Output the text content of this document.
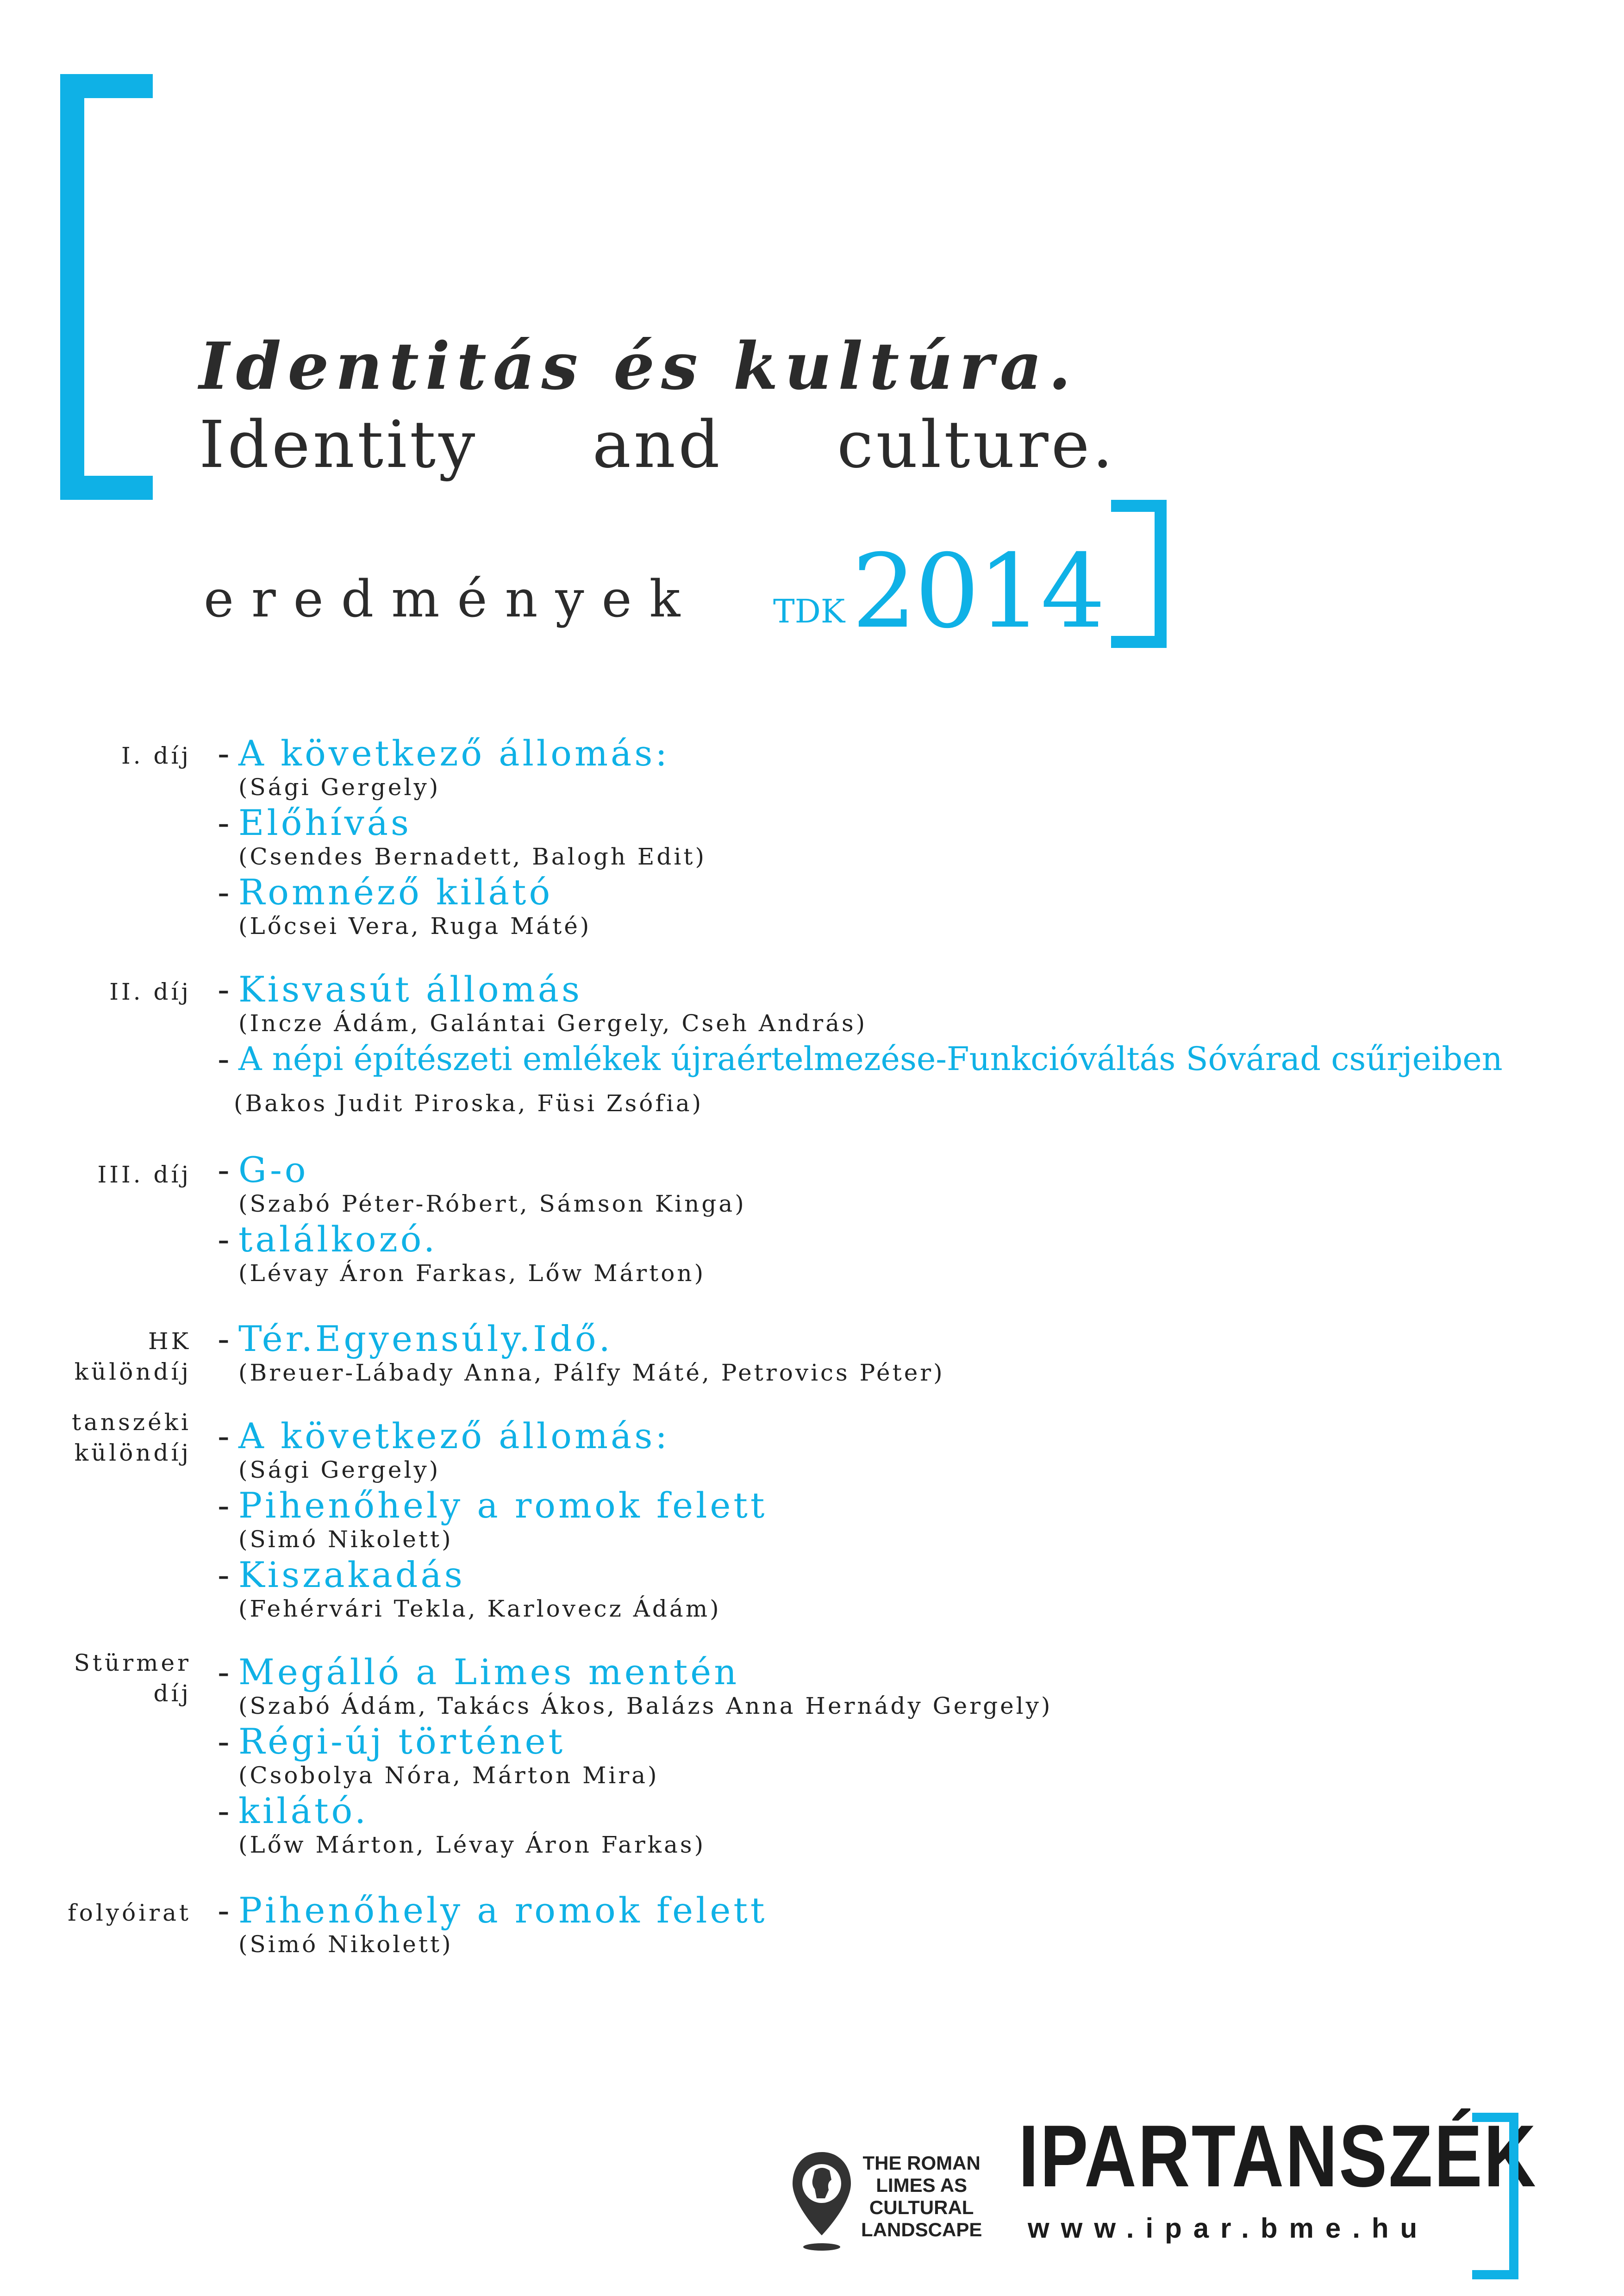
Identitás és kultúra.
Identity and culture.
eredmények TDK 2014
I. díj
II. díj
III. díj
HK különdíj
tanszéki különdíj
Stürmer díj
folyóirat
- A következő állomás:
(Sági Gergely)
- Előhívás
(Csendes Bernadett, Balogh Edit)
- Romnéző kilátó
(Lőcsei Vera, Ruga Máté)
- Kisvasút állomás
(Incze Ádám, Galántai Gergely, Cseh András)
- A népi építészeti emlékek újraértelmezése-Funkcióváltás Sóvárad csűrjeiben
(Bakos Judit Piroska, Füsi Zsófia)
- G-o
(Szabó Péter-Róbert, Sámson Kinga)
- találkozó.
(Lévay Áron Farkas, Lőw Márton)
- Tér.Egyensúly.Idő.
(Breuer-Lábady Anna, Pálfy Máté, Petrovics Péter)
- A következő állomás:
(Sági Gergely)
- Pihenőhely a romok felett
(Simó Nikolett)
- Kiszakadás
(Fehérvári Tekla, Karlovecz Ádám)
- Megálló a Limes mentén
(Szabó Ádám, Takács Ákos, Balázs Anna Hernády Gergely)
- Régi-új történet
(Csobolya Nóra, Márton Mira)
- kilátó.
(Lőw Márton, Lévay Áron Farkas)
- Pihenőhely a romok felett
(Simó Nikolett)
THE ROMAN
LIMES AS
CULTURAL
LANDSCAPE
IPARTANSZÉK
www.ipar.bme.hu
